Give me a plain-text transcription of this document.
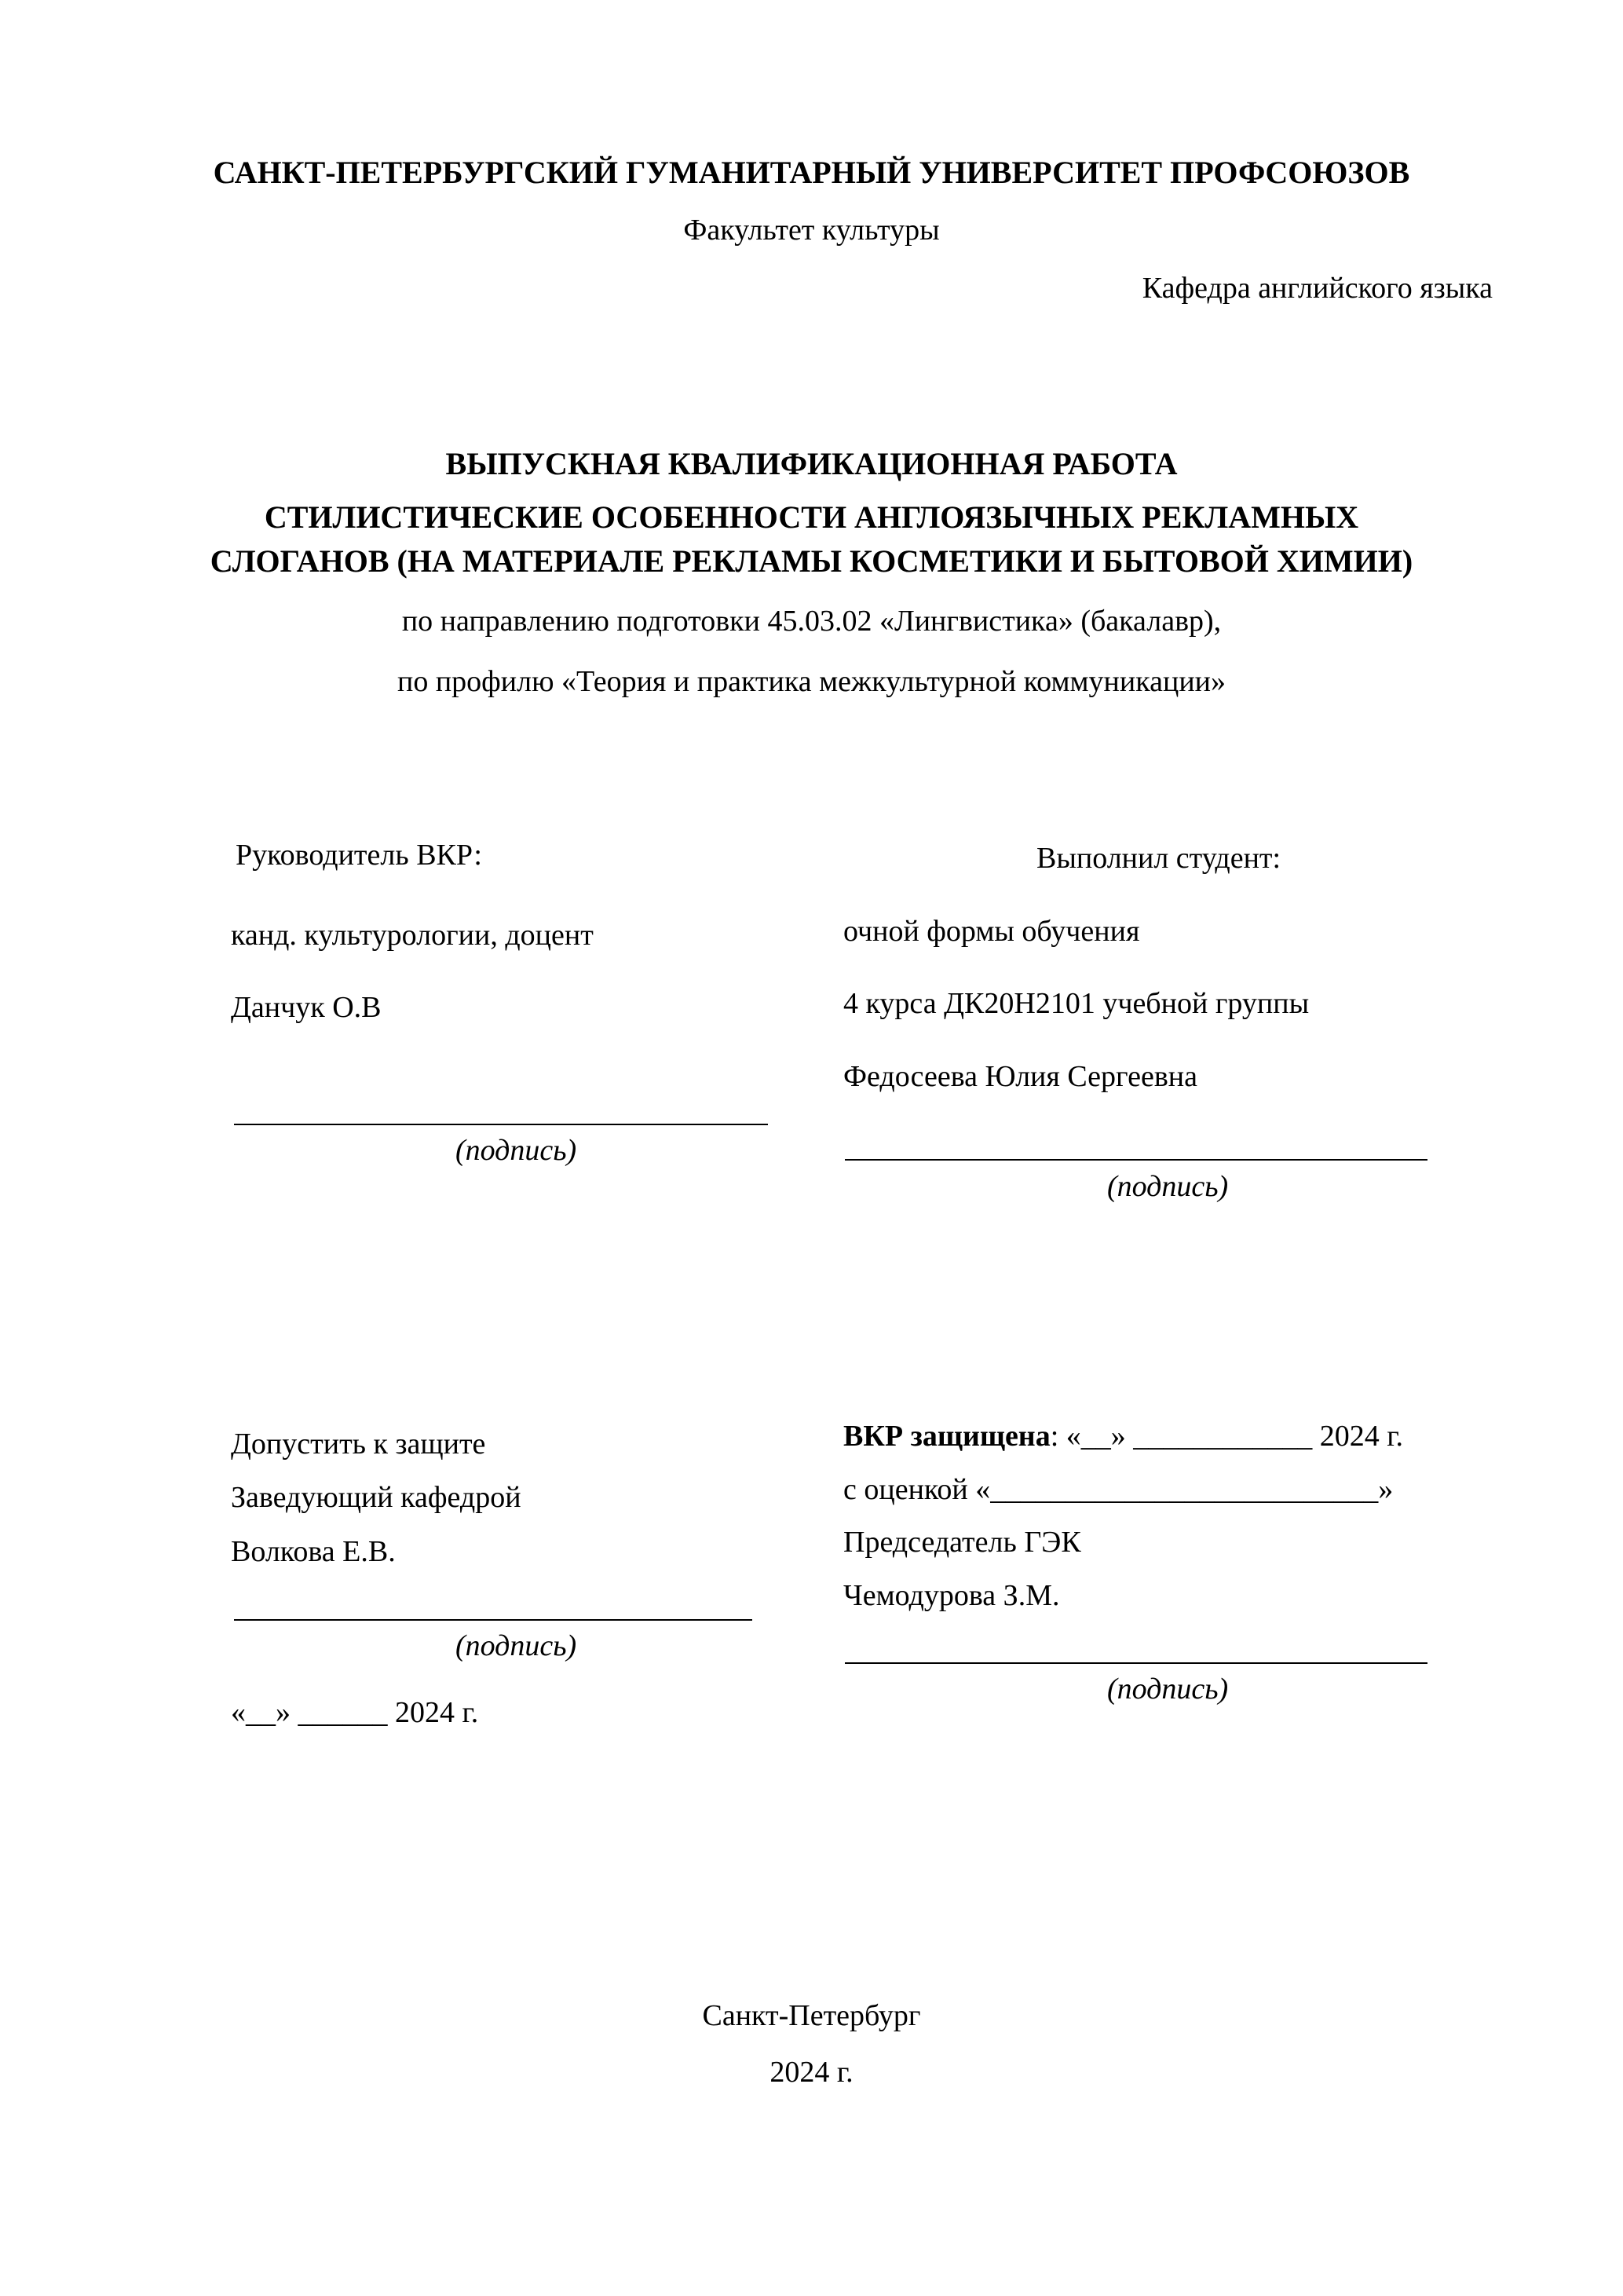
САНКТ-ПЕТЕРБУРГСКИЙ ГУМАНИТАРНЫЙ УНИВЕРСИТЕТ ПРОФСОЮЗОВ
Факультет культуры
Кафедра английского языка
ВЫПУСКНАЯ КВАЛИФИКАЦИОННАЯ РАБОТА
СТИЛИСТИЧЕСКИЕ ОСОБЕННОСТИ АНГЛОЯЗЫЧНЫХ РЕКЛАМНЫХ
СЛОГАНОВ (НА МАТЕРИАЛЕ РЕКЛАМЫ КОСМЕТИКИ И БЫТОВОЙ ХИМИИ)
по направлению подготовки 45.03.02 «Лингвистика» (бакалавр),
по профилю «Теория и практика межкультурной коммуникации»
Руководитель ВКР:
канд. культурологии, доцент
Данчук О.В
(подпись)
Выполнил студент:
очной формы обучения
4 курса ДК20Н2101 учебной группы
Федосеева Юлия Сергеевна
(подпись)
Допустить к защите
Заведующий кафедрой
Волкова Е.В.
(подпись)
«__» ______ 2024 г.
ВКР защищена: «__» ____________ 2024 г.
с оценкой «__________________________»
Председатель ГЭК
Чемодурова З.М.
(подпись)
Санкт-Петербург
2024 г.
